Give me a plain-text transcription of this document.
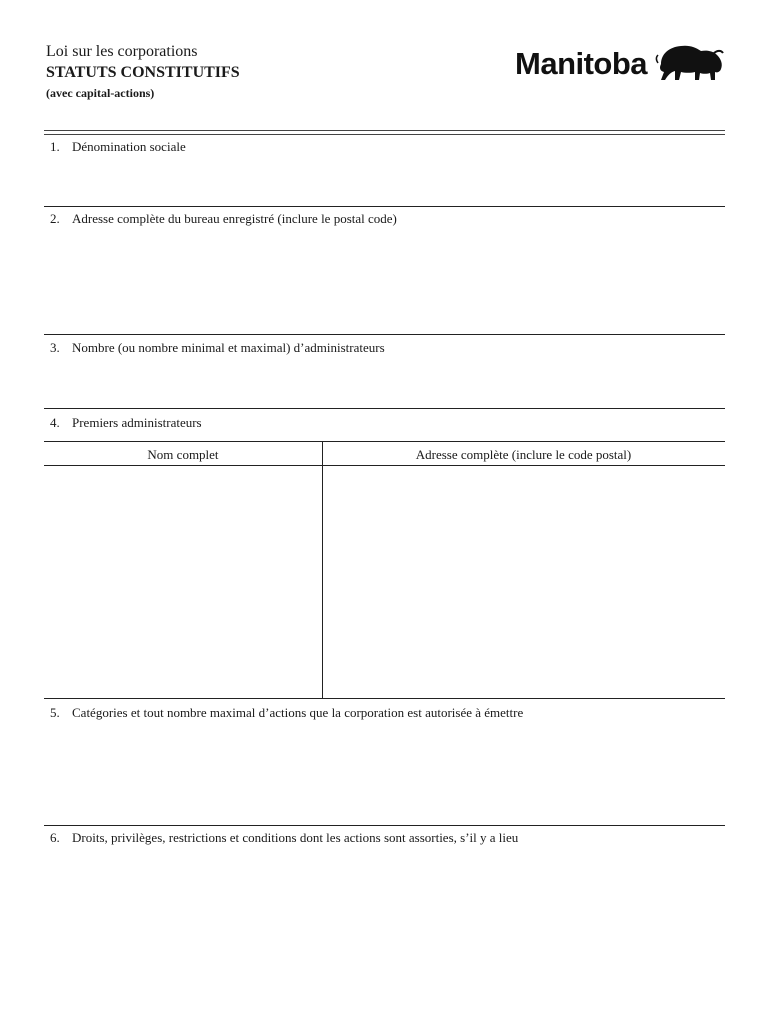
Loi sur les corporations
STATUTS CONSTITUTIFS
(avec capital-actions)
Manitoba
1. Dénomination sociale
2. Adresse complète du bureau enregistré (inclure le postal code)
3. Nombre (ou nombre minimal et maximal) d’administrateurs
4. Premiers administrateurs
Nom complet	Adresse complète (inclure le code postal)
5. Catégories et tout nombre maximal d’actions que la corporation est autorisée à émettre
6. Droits, privilèges, restrictions et conditions dont les actions sont assorties, s’il y a lieu
